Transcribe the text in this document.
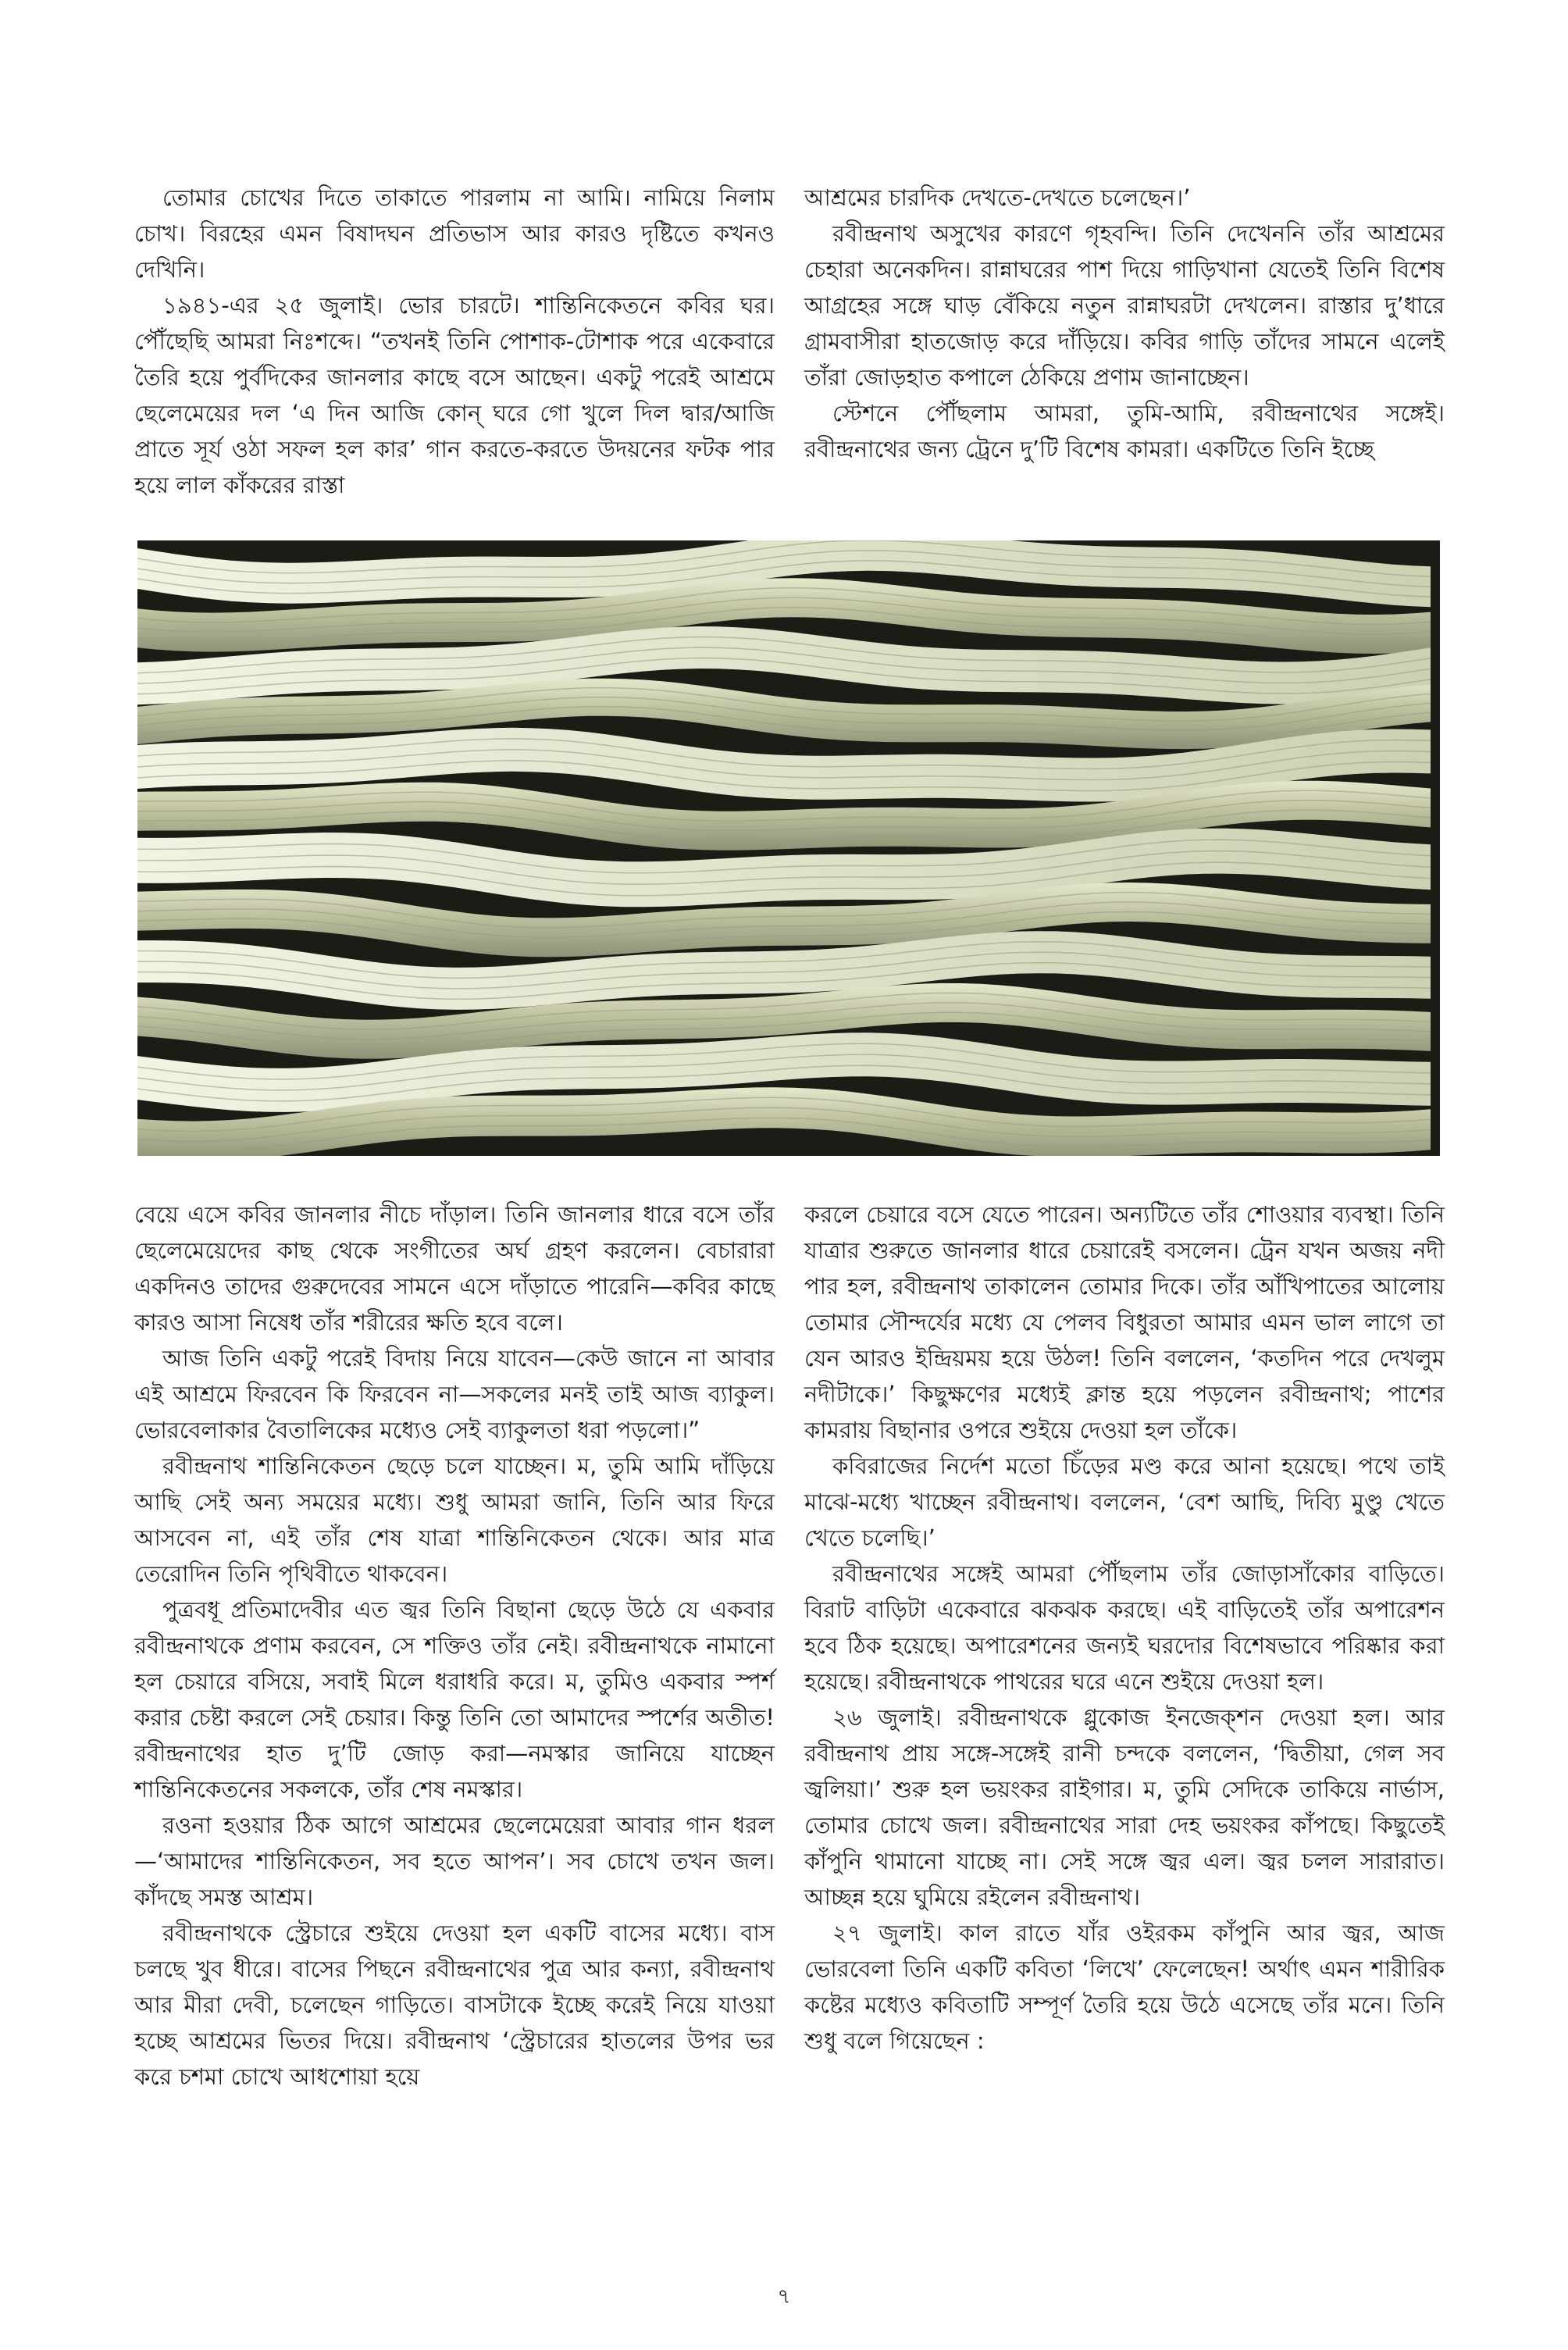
তোমার চোখের দিতে তাকাতে পারলাম না আমি। নামিয়ে নিলাম চোখ। বিরহের এমন বিষাদঘন প্রতিভাস আর কারও দৃষ্টিতে কখনও দেখিনি।

১৯৪১-এর ২৫ জুলাই। ভোর চারটে। শান্তিনিকেতনে কবির ঘর। পৌঁছেছি আমরা নিঃশব্দে। “তখনই তিনি পোশাক-টোশাক পরে একেবারে তৈরি হয়ে পুর্বদিকের জানলার কাছে বসে আছেন। একটু পরেই আশ্রমে ছেলেমেয়ের দল ‘এ দিন আজি কোন্ ঘরে গো খুলে দিল দ্বার/আজি প্রাতে সূর্য ওঠা সফল হল কার’ গান করতে-করতে উদয়নের ফটক পার হয়ে লাল কাঁকরের রাস্তা

আশ্রমের চারদিক দেখতে-দেখতে চলেছেন।’

রবীন্দ্রনাথ অসুখের কারণে গৃহবন্দি। তিনি দেখেননি তাঁর আশ্রমের চেহারা অনেকদিন। রান্নাঘরের পাশ দিয়ে গাড়িখানা যেতেই তিনি বিশেষ আগ্রহের সঙ্গে ঘাড় বেঁকিয়ে নতুন রান্নাঘরটা দেখলেন। রাস্তার দু’ধারে গ্রামবাসীরা হাতজোড় করে দাঁড়িয়ে। কবির গাড়ি তাঁদের সামনে এলেই তাঁরা জোড়হাত কপালে ঠেকিয়ে প্রণাম জানাচ্ছেন।

স্টেশনে পৌঁছলাম আমরা, তুমি-আমি, রবীন্দ্রনাথের সঙ্গেই। রবীন্দ্রনাথের জন্য ট্রেনে দু’টি বিশেষ কামরা। একটিতে তিনি ইচ্ছে

বেয়ে এসে কবির জানলার নীচে দাঁড়াল। তিনি জানলার ধারে বসে তাঁর ছেলেমেয়েদের কাছ থেকে সংগীতের অর্ঘ গ্রহণ করলেন। বেচারারা একদিনও তাদের গুরুদেবের সামনে এসে দাঁড়াতে পারেনি—কবির কাছে কারও আসা নিষেধ তাঁর শরীরের ক্ষতি হবে বলে।

আজ তিনি একটু পরেই বিদায় নিয়ে যাবেন—কেউ জানে না আবার এই আশ্রমে ফিরবেন কি ফিরবেন না—সকলের মনই তাই আজ ব্যাকুল। ভোরবেলাকার বৈতালিকের মধ্যেও সেই ব্যাকুলতা ধরা পড়লো।”

রবীন্দ্রনাথ শান্তিনিকেতন ছেড়ে চলে যাচ্ছেন। ম, তুমি আমি দাঁড়িয়ে আছি সেই অন্য সময়ের মধ্যে। শুধু আমরা জানি, তিনি আর ফিরে আসবেন না, এই তাঁর শেষ যাত্রা শান্তিনিকেতন থেকে। আর মাত্র তেরোদিন তিনি পৃথিবীতে থাকবেন।

পুত্রবধূ প্রতিমাদেবীর এত জ্বর তিনি বিছানা ছেড়ে উঠে যে একবার রবীন্দ্রনাথকে প্রণাম করবেন, সে শক্তিও তাঁর নেই। রবীন্দ্রনাথকে নামানো হল চেয়ারে বসিয়ে, সবাই মিলে ধরাধরি করে। ম, তুমিও একবার স্পর্শ করার চেষ্টা করলে সেই চেয়ার। কিন্তু তিনি তো আমাদের স্পর্শের অতীত! রবীন্দ্রনাথের হাত দু’টি জোড় করা—নমস্কার জানিয়ে যাচ্ছেন শান্তিনিকেতনের সকলকে, তাঁর শেষ নমস্কার।

রওনা হওয়ার ঠিক আগে আশ্রমের ছেলেমেয়েরা আবার গান ধরল—‘আমাদের শান্তিনিকেতন, সব হতে আপন’। সব চোখে তখন জল। কাঁদছে সমস্ত আশ্রম।

রবীন্দ্রনাথকে স্ট্রেচারে শুইয়ে দেওয়া হল একটি বাসের মধ্যে। বাস চলছে খুব ধীরে। বাসের পিছনে রবীন্দ্রনাথের পুত্র আর কন্যা, রবীন্দ্রনাথ আর মীরা দেবী, চলেছেন গাড়িতে। বাসটাকে ইচ্ছে করেই নিয়ে যাওয়া হচ্ছে আশ্রমের ভিতর দিয়ে। রবীন্দ্রনাথ ‘স্ট্রেচারের হাতলের উপর ভর করে চশমা চোখে আধশোয়া হয়ে

করলে চেয়ারে বসে যেতে পারেন। অন্যটিতে তাঁর শোওয়ার ব্যবস্থা। তিনি যাত্রার শুরুতে জানলার ধারে চেয়ারেই বসলেন। ট্রেন যখন অজয় নদী পার হল, রবীন্দ্রনাথ তাকালেন তোমার দিকে। তাঁর আঁখিপাতের আলোয় তোমার সৌন্দর্যের মধ্যে যে পেলব বিধুরতা আমার এমন ভাল লাগে তা যেন আরও ইন্দ্রিয়ময় হয়ে উঠল! তিনি বললেন, ‘কতদিন পরে দেখলুম নদীটাকে।’ কিছুক্ষণের মধ্যেই ক্লান্ত হয়ে পড়লেন রবীন্দ্রনাথ; পাশের কামরায় বিছানার ওপরে শুইয়ে দেওয়া হল তাঁকে।

কবিরাজের নির্দেশ মতো চিঁড়ের মণ্ড করে আনা হয়েছে। পথে তাই মাঝে-মধ্যে খাচ্ছেন রবীন্দ্রনাথ। বললেন, ‘বেশ আছি, দিব্যি মুণ্ডু খেতে খেতে চলেছি।’

রবীন্দ্রনাথের সঙ্গেই আমরা পৌঁছলাম তাঁর জোড়াসাঁকোর বাড়িতে। বিরাট বাড়িটা একেবারে ঝকঝক করছে। এই বাড়িতেই তাঁর অপারেশন হবে ঠিক হয়েছে। অপারেশনের জন্যই ঘরদোর বিশেষভাবে পরিষ্কার করা হয়েছে। রবীন্দ্রনাথকে পাথরের ঘরে এনে শুইয়ে দেওয়া হল।

২৬ জুলাই। রবীন্দ্রনাথকে গ্লুকোজ ইনজেক্‌শন দেওয়া হল। আর রবীন্দ্রনাথ প্রায় সঙ্গে-সঙ্গেই রানী চন্দকে বললেন, ‘দ্বিতীয়া, গেল সব জ্বলিয়া।’ শুরু হল ভয়ংকর রাইগার। ম, তুমি সেদিকে তাকিয়ে নার্ভাস, তোমার চোখে জল। রবীন্দ্রনাথের সারা দেহ ভয়ংকর কাঁপছে। কিছুতেই কাঁপুনি থামানো যাচ্ছে না। সেই সঙ্গে জ্বর এল। জ্বর চলল সারারাত। আচ্ছন্ন হয়ে ঘুমিয়ে রইলেন রবীন্দ্রনাথ।

২৭ জুলাই। কাল রাতে যাঁর ওইরকম কাঁপুনি আর জ্বর, আজ ভোরবেলা তিনি একটি কবিতা ‘লিখে’ ফেলেছেন! অর্থাৎ এমন শারীরিক কষ্টের মধ্যেও কবিতাটি সম্পূর্ণ তৈরি হয়ে উঠে এসেছে তাঁর মনে। তিনি শুধু বলে গিয়েছেন :

৭
